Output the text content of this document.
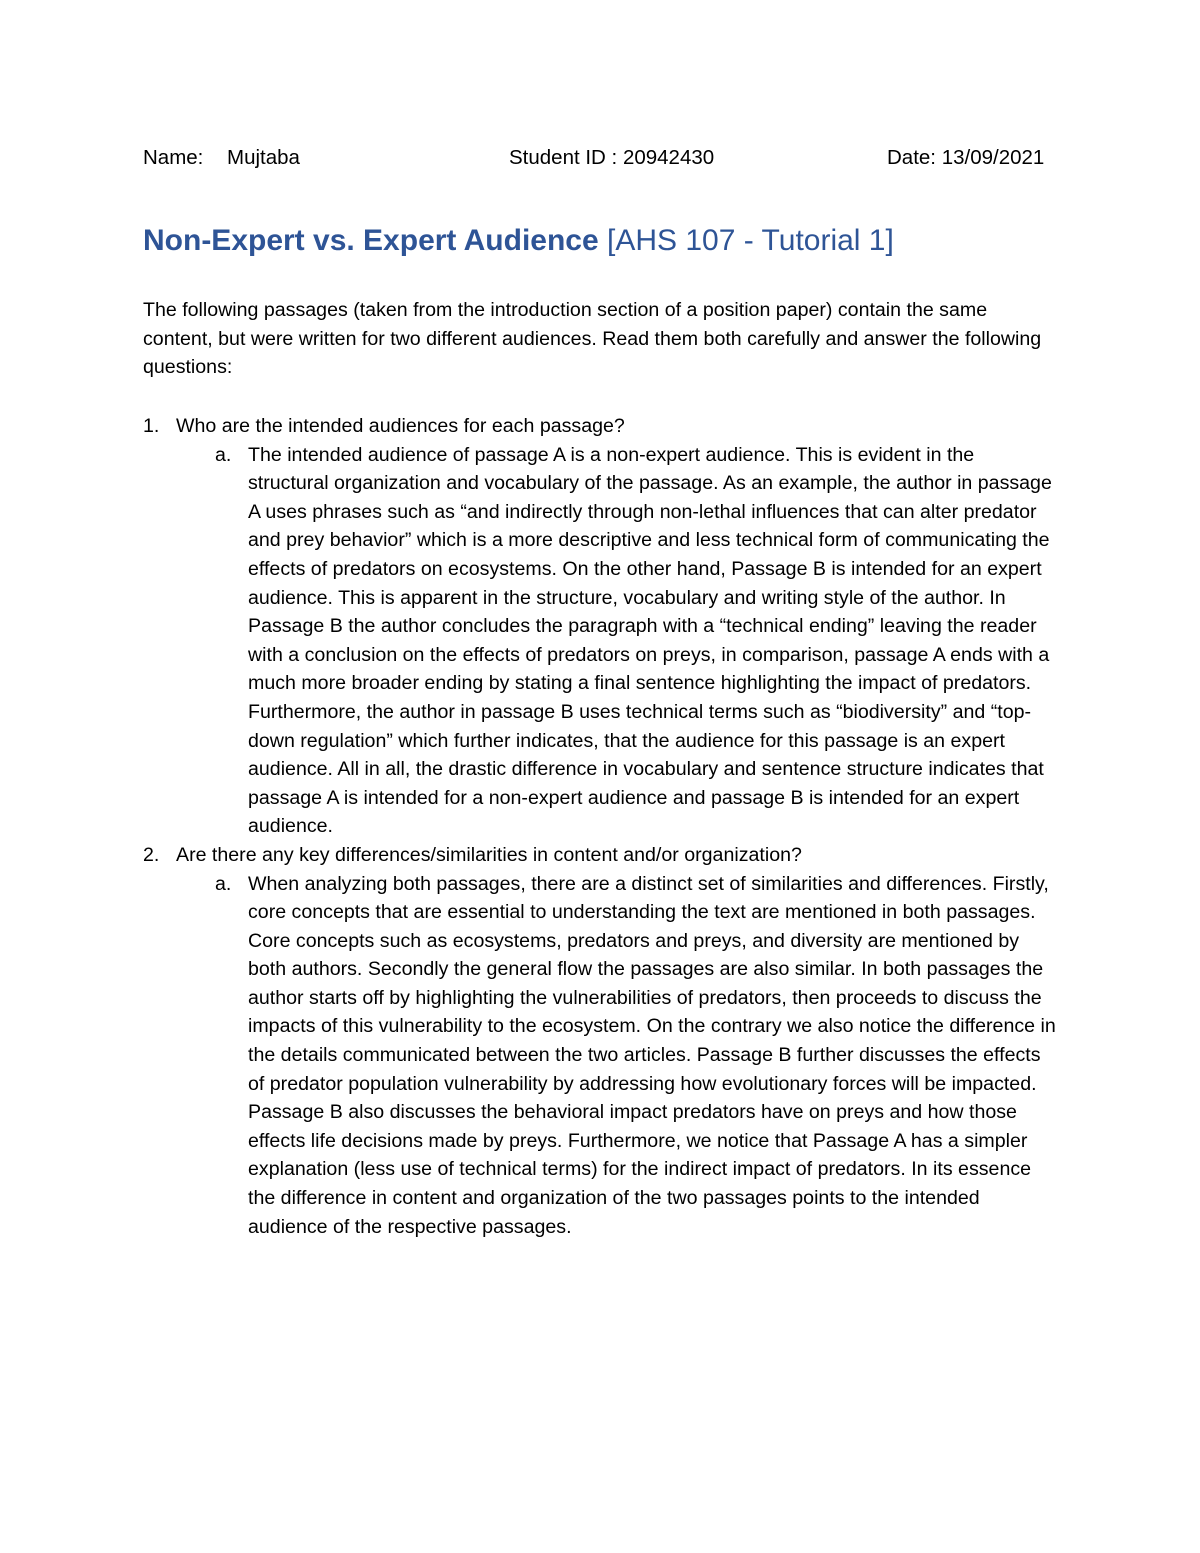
Name: Mujtaba	Student ID : 20942430	Date: 13/09/2021
Non-Expert vs. Expert Audience [AHS 107 - Tutorial 1]
The following passages (taken from the introduction section of a position paper) contain the same content, but were written for two different audiences. Read them both carefully and answer the following questions:
1. Who are the intended audiences for each passage?
a. The intended audience of passage A is a non-expert audience. This is evident in the structural organization and vocabulary of the passage. As an example, the author in passage A uses phrases such as “and indirectly through non-lethal influences that can alter predator and prey behavior” which is a more descriptive and less technical form of communicating the effects of predators on ecosystems. On the other hand, Passage B is intended for an expert audience. This is apparent in the structure, vocabulary and writing style of the author. In Passage B the author concludes the paragraph with a “technical ending” leaving the reader with a conclusion on the effects of predators on preys, in comparison, passage A ends with a much more broader ending by stating a final sentence highlighting the impact of predators. Furthermore, the author in passage B uses technical terms such as “biodiversity” and “top-down regulation” which further indicates, that the audience for this passage is an expert audience. All in all, the drastic difference in vocabulary and sentence structure indicates that passage A is intended for a non-expert audience and passage B is intended for an expert audience.
2. Are there any key differences/similarities in content and/or organization?
a. When analyzing both passages, there are a distinct set of similarities and differences. Firstly, core concepts that are essential to understanding the text are mentioned in both passages. Core concepts such as ecosystems, predators and preys, and diversity are mentioned by both authors. Secondly the general flow the passages are also similar. In both passages the author starts off by highlighting the vulnerabilities of predators, then proceeds to discuss the impacts of this vulnerability to the ecosystem. On the contrary we also notice the difference in the details communicated between the two articles. Passage B further discusses the effects of predator population vulnerability by addressing how evolutionary forces will be impacted. Passage B also discusses the behavioral impact predators have on preys and how those effects life decisions made by preys. Furthermore, we notice that Passage A has a simpler explanation (less use of technical terms) for the indirect impact of predators. In its essence the difference in content and organization of the two passages points to the intended audience of the respective passages.
